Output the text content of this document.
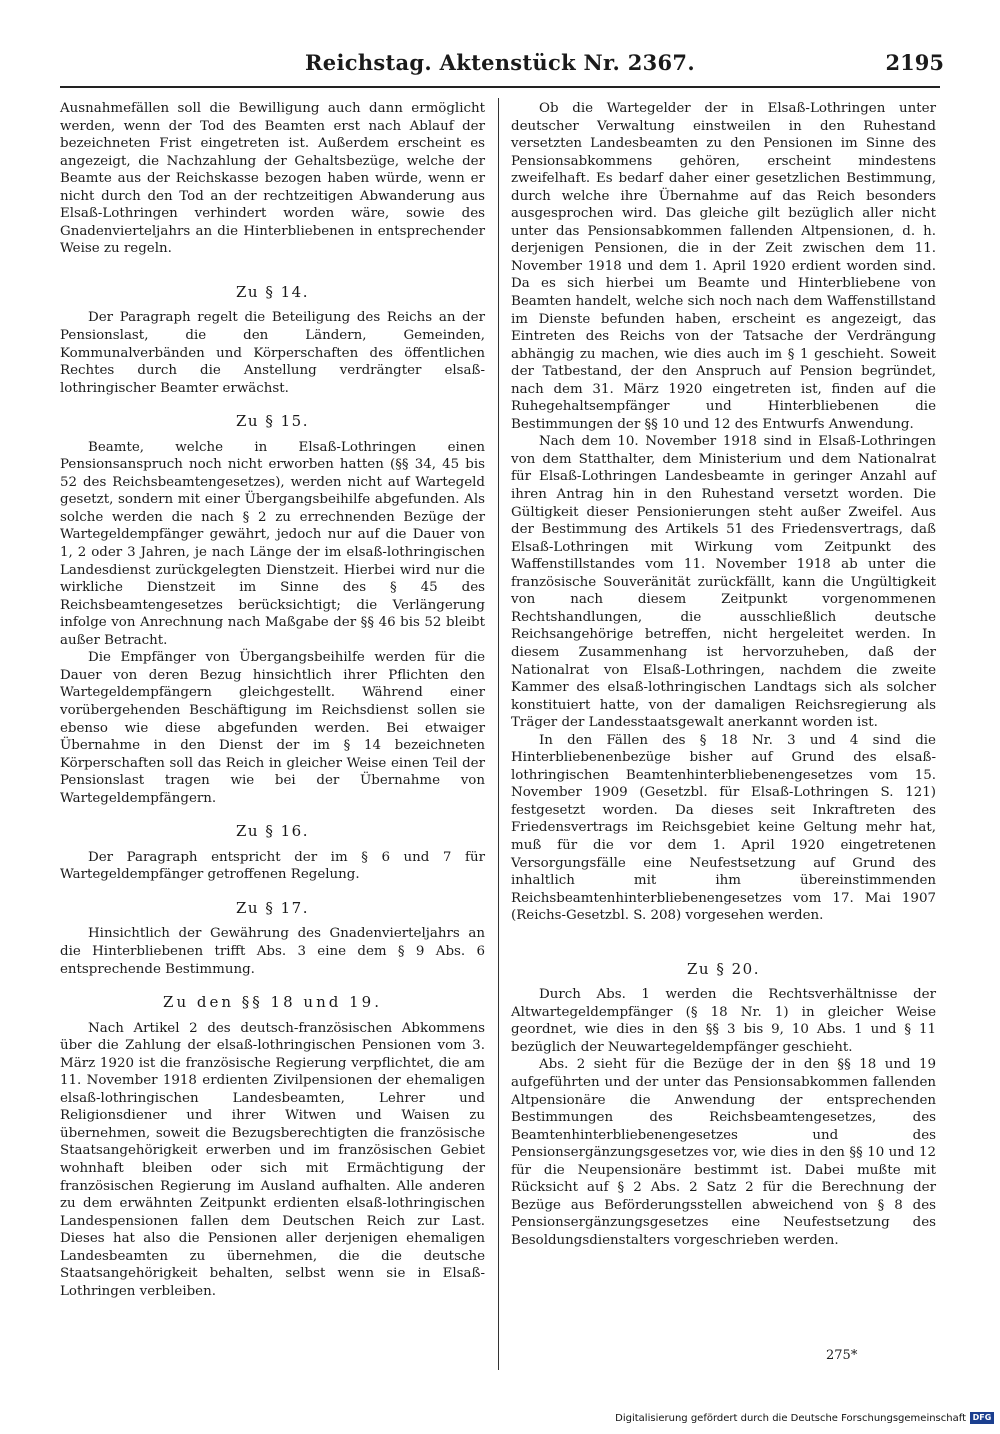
Reichstag. Aktenstück Nr. 2367.	2195

Ausnahmefällen soll die Bewilligung auch dann ermöglicht werden, wenn der Tod des Beamten erst nach Ablauf der bezeichneten Frist eingetreten ist. Außerdem erscheint es angezeigt, die Nachzahlung der Gehaltsbezüge, welche der Beamte aus der Reichskasse bezogen haben würde, wenn er nicht durch den Tod an der rechtzeitigen Abwanderung aus Elsaß-Lothringen verhindert worden wäre, sowie des Gnadenvierteljahrs an die Hinterbliebenen in entsprechender Weise zu regeln.

Zu § 14.

Der Paragraph regelt die Beteiligung des Reichs an der Pensionslast, die den Ländern, Gemeinden, Kommunalverbänden und Körperschaften des öffentlichen Rechtes durch die Anstellung verdrängter elsaß-lothringischer Beamter erwächst.

Zu § 15.

Beamte, welche in Elsaß-Lothringen einen Pensionsanspruch noch nicht erworben hatten (§§ 34, 45 bis 52 des Reichsbeamtengesetzes), werden nicht auf Wartegeld gesetzt, sondern mit einer Übergangsbeihilfe abgefunden. Als solche werden die nach § 2 zu errechnenden Bezüge der Wartegeldempfänger gewährt, jedoch nur auf die Dauer von 1, 2 oder 3 Jahren, je nach Länge der im elsaß-lothringischen Landesdienst zurückgelegten Dienstzeit. Hierbei wird nur die wirkliche Dienstzeit im Sinne des § 45 des Reichsbeamtengesetzes berücksichtigt; die Verlängerung infolge von Anrechnung nach Maßgabe der §§ 46 bis 52 bleibt außer Betracht.

Die Empfänger von Übergangsbeihilfe werden für die Dauer von deren Bezug hinsichtlich ihrer Pflichten den Wartegeldempfängern gleichgestellt. Während einer vorübergehenden Beschäftigung im Reichsdienst sollen sie ebenso wie diese abgefunden werden. Bei etwaiger Übernahme in den Dienst der im § 14 bezeichneten Körperschaften soll das Reich in gleicher Weise einen Teil der Pensionslast tragen wie bei der Übernahme von Wartegeldempfängern.

Zu § 16.

Der Paragraph entspricht der im § 6 und 7 für Wartegeldempfänger getroffenen Regelung.

Zu § 17.

Hinsichtlich der Gewährung des Gnadenvierteljahrs an die Hinterbliebenen trifft Abs. 3 eine dem § 9 Abs. 6 entsprechende Bestimmung.

Zu den §§ 18 und 19.

Nach Artikel 2 des deutsch-französischen Abkommens über die Zahlung der elsaß-lothringischen Pensionen vom 3. März 1920 ist die französische Regierung verpflichtet, die am 11. November 1918 erdienten Zivilpensionen der ehemaligen elsaß-lothringischen Landesbeamten, Lehrer und Religionsdiener und ihrer Witwen und Waisen zu übernehmen, soweit die Bezugsberechtigten die französische Staatsangehörigkeit erwerben und im französischen Gebiet wohnhaft bleiben oder sich mit Ermächtigung der französischen Regierung im Ausland aufhalten. Alle anderen zu dem erwähnten Zeitpunkt erdienten elsaß-lothringischen Landespensionen fallen dem Deutschen Reich zur Last. Dieses hat also die Pensionen aller derjenigen ehemaligen Landesbeamten zu übernehmen, die die deutsche Staatsangehörigkeit behalten, selbst wenn sie in Elsaß-Lothringen verbleiben.

Ob die Wartegelder der in Elsaß-Lothringen unter deutscher Verwaltung einstweilen in den Ruhestand versetzten Landesbeamten zu den Pensionen im Sinne des Pensionsabkommens gehören, erscheint mindestens zweifelhaft. Es bedarf daher einer gesetzlichen Bestimmung, durch welche ihre Übernahme auf das Reich besonders ausgesprochen wird. Das gleiche gilt bezüglich aller nicht unter das Pensionsabkommen fallenden Altpensionen, d. h. derjenigen Pensionen, die in der Zeit zwischen dem 11. November 1918 und dem 1. April 1920 erdient worden sind. Da es sich hierbei um Beamte und Hinterbliebene von Beamten handelt, welche sich noch nach dem Waffenstillstand im Dienste befunden haben, erscheint es angezeigt, das Eintreten des Reichs von der Tatsache der Verdrängung abhängig zu machen, wie dies auch im § 1 geschieht. Soweit der Tatbestand, der den Anspruch auf Pension begründet, nach dem 31. März 1920 eingetreten ist, finden auf die Ruhegehaltsempfänger und Hinterbliebenen die Bestimmungen der §§ 10 und 12 des Entwurfs Anwendung.

Nach dem 10. November 1918 sind in Elsaß-Lothringen von dem Statthalter, dem Ministerium und dem Nationalrat für Elsaß-Lothringen Landesbeamte in geringer Anzahl auf ihren Antrag hin in den Ruhestand versetzt worden. Die Gültigkeit dieser Pensionierungen steht außer Zweifel. Aus der Bestimmung des Artikels 51 des Friedensvertrags, daß Elsaß-Lothringen mit Wirkung vom Zeitpunkt des Waffenstillstandes vom 11. November 1918 ab unter die französische Souveränität zurückfällt, kann die Ungültigkeit von nach diesem Zeitpunkt vorgenommenen Rechtshandlungen, die ausschließlich deutsche Reichsangehörige betreffen, nicht hergeleitet werden. In diesem Zusammenhang ist hervorzuheben, daß der Nationalrat von Elsaß-Lothringen, nachdem die zweite Kammer des elsaß-lothringischen Landtags sich als solcher konstituiert hatte, von der damaligen Reichsregierung als Träger der Landesstaatsgewalt anerkannt worden ist.

In den Fällen des § 18 Nr. 3 und 4 sind die Hinterbliebenenbezüge bisher auf Grund des elsaß-lothringischen Beamtenhinterbliebenengesetzes vom 15. November 1909 (Gesetzbl. für Elsaß-Lothringen S. 121) festgesetzt worden. Da dieses seit Inkraftreten des Friedensvertrags im Reichsgebiet keine Geltung mehr hat, muß für die vor dem 1. April 1920 eingetretenen Versorgungsfälle eine Neufestsetzung auf Grund des inhaltlich mit ihm übereinstimmenden Reichsbeamtenhinterbliebenengesetzes vom 17. Mai 1907 (Reichs-Gesetzbl. S. 208) vorgesehen werden.

Zu § 20.

Durch Abs. 1 werden die Rechtsverhältnisse der Altwartegeldempfänger (§ 18 Nr. 1) in gleicher Weise geordnet, wie dies in den §§ 3 bis 9, 10 Abs. 1 und § 11 bezüglich der Neuwartegeldempfänger geschieht.

Abs. 2 sieht für die Bezüge der in den §§ 18 und 19 aufgeführten und der unter das Pensionsabkommen fallenden Altpensionäre die Anwendung der entsprechenden Bestimmungen des Reichsbeamtengesetzes, des Beamtenhinterbliebenengesetzes und des Pensionsergänzungsgesetzes vor, wie dies in den §§ 10 und 12 für die Neupensionäre bestimmt ist. Dabei mußte mit Rücksicht auf § 2 Abs. 2 Satz 2 für die Berechnung der Bezüge aus Beförderungsstellen abweichend von § 8 des Pensionsergänzungsgesetzes eine Neufestsetzung des Besoldungsdienstalters vorgeschrieben werden.

275*
Digitalisierung gefördert durch die Deutsche Forschungsgemeinschaft DFG
